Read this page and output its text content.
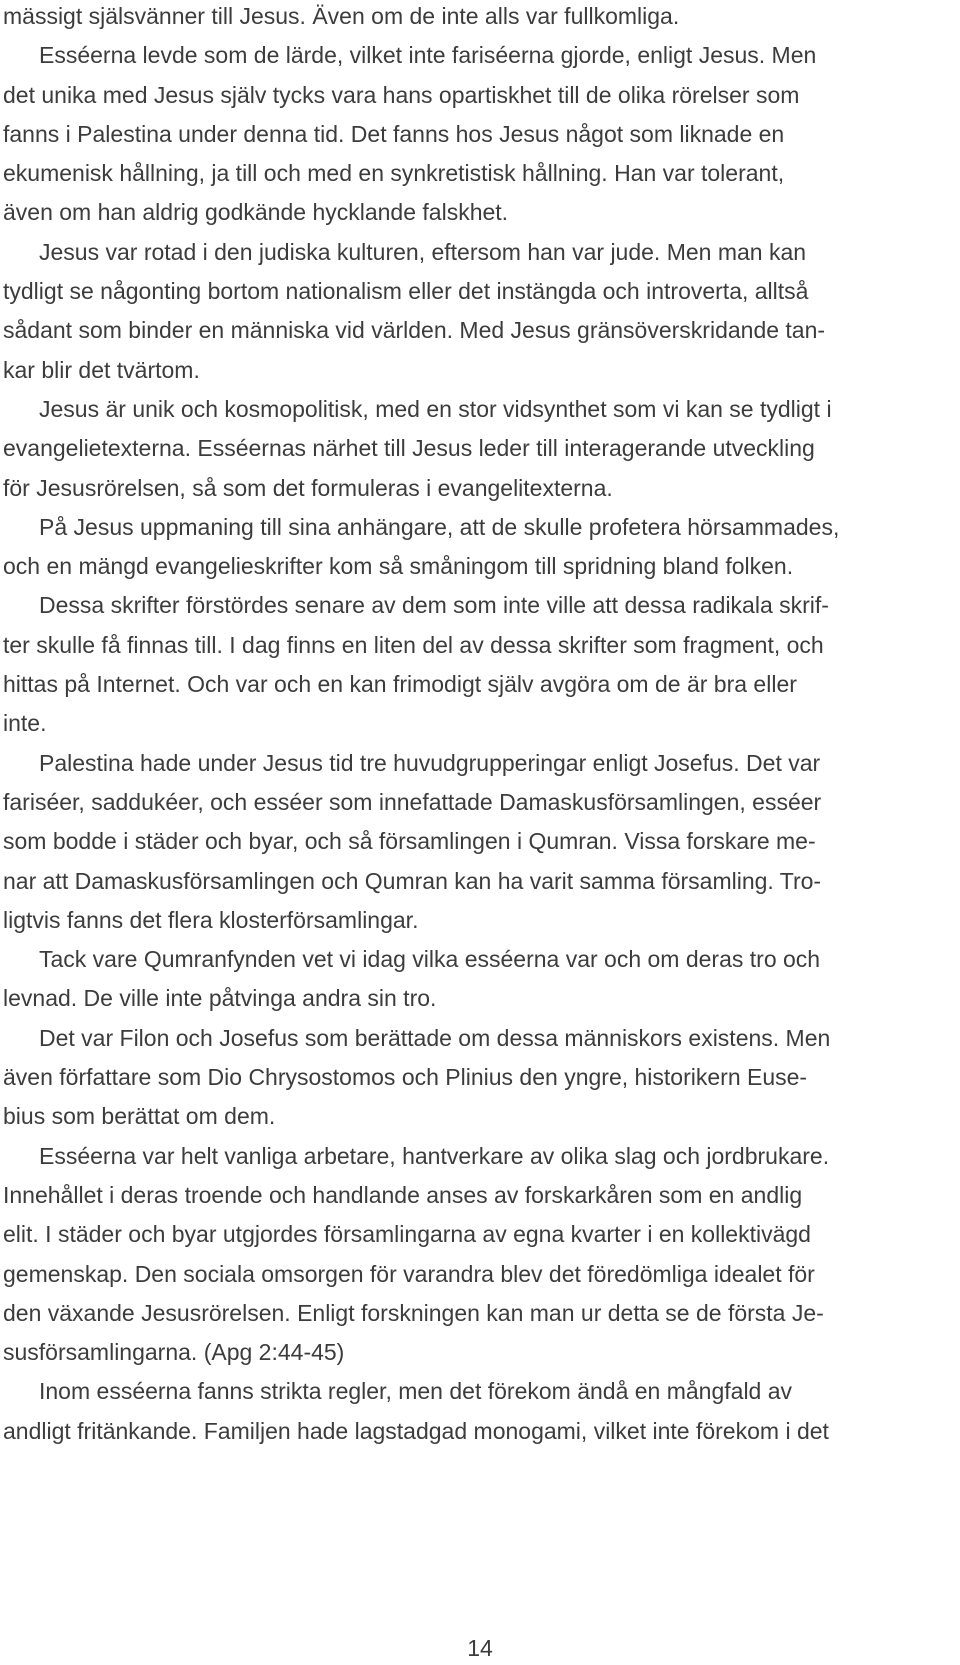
mässigt själsvänner till Jesus. Även om de inte alls var fullkomliga.
Esséerna levde som de lärde, vilket inte fariséerna gjorde, enligt Jesus. Men
det unika med Jesus själv tycks vara hans opartiskhet till de olika rörelser som
fanns i Palestina under denna tid. Det fanns hos Jesus något som liknade en
ekumenisk hållning, ja till och med en synkretistisk hållning. Han var tolerant,
även om han aldrig godkände hycklande falskhet.
Jesus var rotad i den judiska kulturen, eftersom han var jude. Men man kan
tydligt se någonting bortom nationalism eller det instängda och introverta, alltså
sådant som binder en människa vid världen. Med Jesus gränsöverskridande tan-
kar blir det tvärtom.
Jesus är unik och kosmopolitisk, med en stor vidsynthet som vi kan se tydligt i
evangelietexterna. Esséernas närhet till Jesus leder till interagerande utveckling
för Jesusrörelsen, så som det formuleras i evangelitexterna.
På Jesus uppmaning till sina anhängare, att de skulle profetera hörsammades,
och en mängd evangelieskrifter kom så småningom till spridning bland folken.
Dessa skrifter förstördes senare av dem som inte ville att dessa radikala skrif-
ter skulle få finnas till. I dag finns en liten del av dessa skrifter som fragment, och
hittas på Internet. Och var och en kan frimodigt själv avgöra om de är bra eller
inte.
Palestina hade under Jesus tid tre huvudgrupperingar enligt Josefus. Det var
fariséer, saddukéer, och esséer som innefattade Damaskusförsamlingen, esséer
som bodde i städer och byar, och så församlingen i Qumran. Vissa forskare me-
nar att Damaskusförsamlingen och Qumran kan ha varit samma församling. Tro-
ligtvis fanns det flera klosterförsamlingar.
Tack vare Qumranfynden vet vi idag vilka esséerna var och om deras tro och
levnad. De ville inte påtvinga andra sin tro.
Det var Filon och Josefus som berättade om dessa människors existens. Men
även författare som Dio Chrysostomos och Plinius den yngre, historikern Euse-
bius som berättat om dem.
Esséerna var helt vanliga arbetare, hantverkare av olika slag och jordbrukare.
Innehållet i deras troende och handlande anses av forskarkåren som en andlig
elit. I städer och byar utgjordes församlingarna av egna kvarter i en kollektivägd
gemenskap. Den sociala omsorgen för varandra blev det föredömliga idealet för
den växande Jesusrörelsen. Enligt forskningen kan man ur detta se de första Je-
susförsamlingarna. (Apg 2:44-45)
Inom esséerna fanns strikta regler, men det förekom ändå en mångfald av
andligt fritänkande. Familjen hade lagstadgad monogami, vilket inte förekom i det
14
